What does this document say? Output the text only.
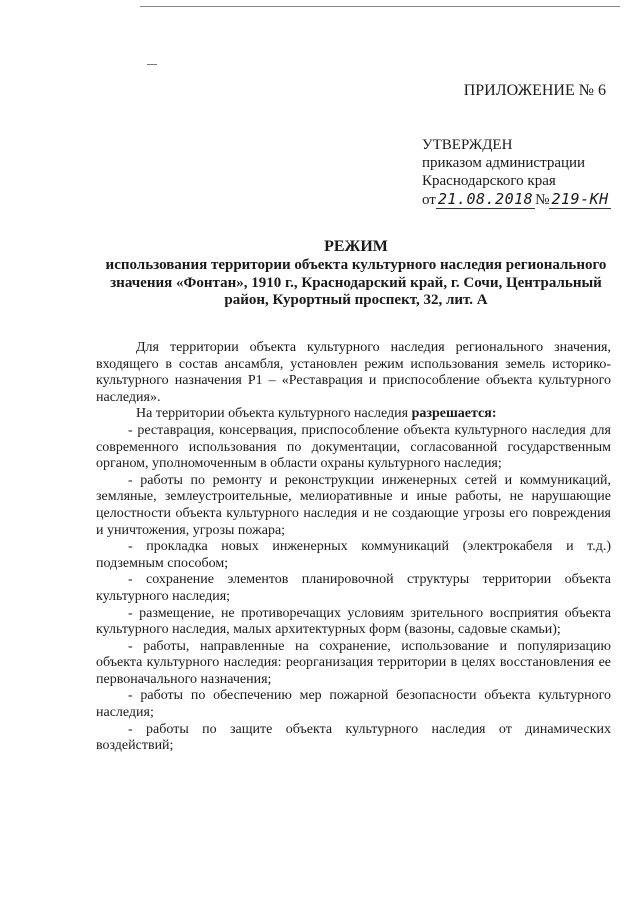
ПРИЛОЖЕНИЕ № 6
УТВЕРЖДЕН
приказом администрации
Краснодарского края
от 21.08.2018 № 219-КН
РЕЖИМ
использования территории объекта культурного наследия регионального значения «Фонтан», 1910 г., Краснодарский край, г. Сочи, Центральный район, Курортный проспект, 32, лит. А

Для территории объекта культурного наследия регионального значения, входящего в состав ансамбля, установлен режим использования земель историко-культурного назначения Р1 – «Реставрация и приспособление объекта культурного наследия».

На территории объекта культурного наследия разрешается:

- реставрация, консервация, приспособление объекта культурного наследия для современного использования по документации, согласованной государственным органом, уполномоченным в области охраны культурного наследия;

- работы по ремонту и реконструкции инженерных сетей и коммуникаций, земляные, землеустроительные, мелиоративные и иные работы, не нарушающие целостности объекта культурного наследия и не создающие угрозы его повреждения и уничтожения, угрозы пожара;

- прокладка новых инженерных коммуникаций (электрокабеля и т.д.) подземным способом;

- сохранение элементов планировочной структуры территории объекта культурного наследия;

- размещение, не противоречащих условиям зрительного восприятия объекта культурного наследия, малых архитектурных форм (вазоны, садовые скамьи);

- работы, направленные на сохранение, использование и популяризацию объекта культурного наследия: реорганизация территории в целях восстановления ее первоначального назначения;

- работы по обеспечению мер пожарной безопасности объекта культурного наследия;

- работы по защите объекта культурного наследия от динамических воздействий;
